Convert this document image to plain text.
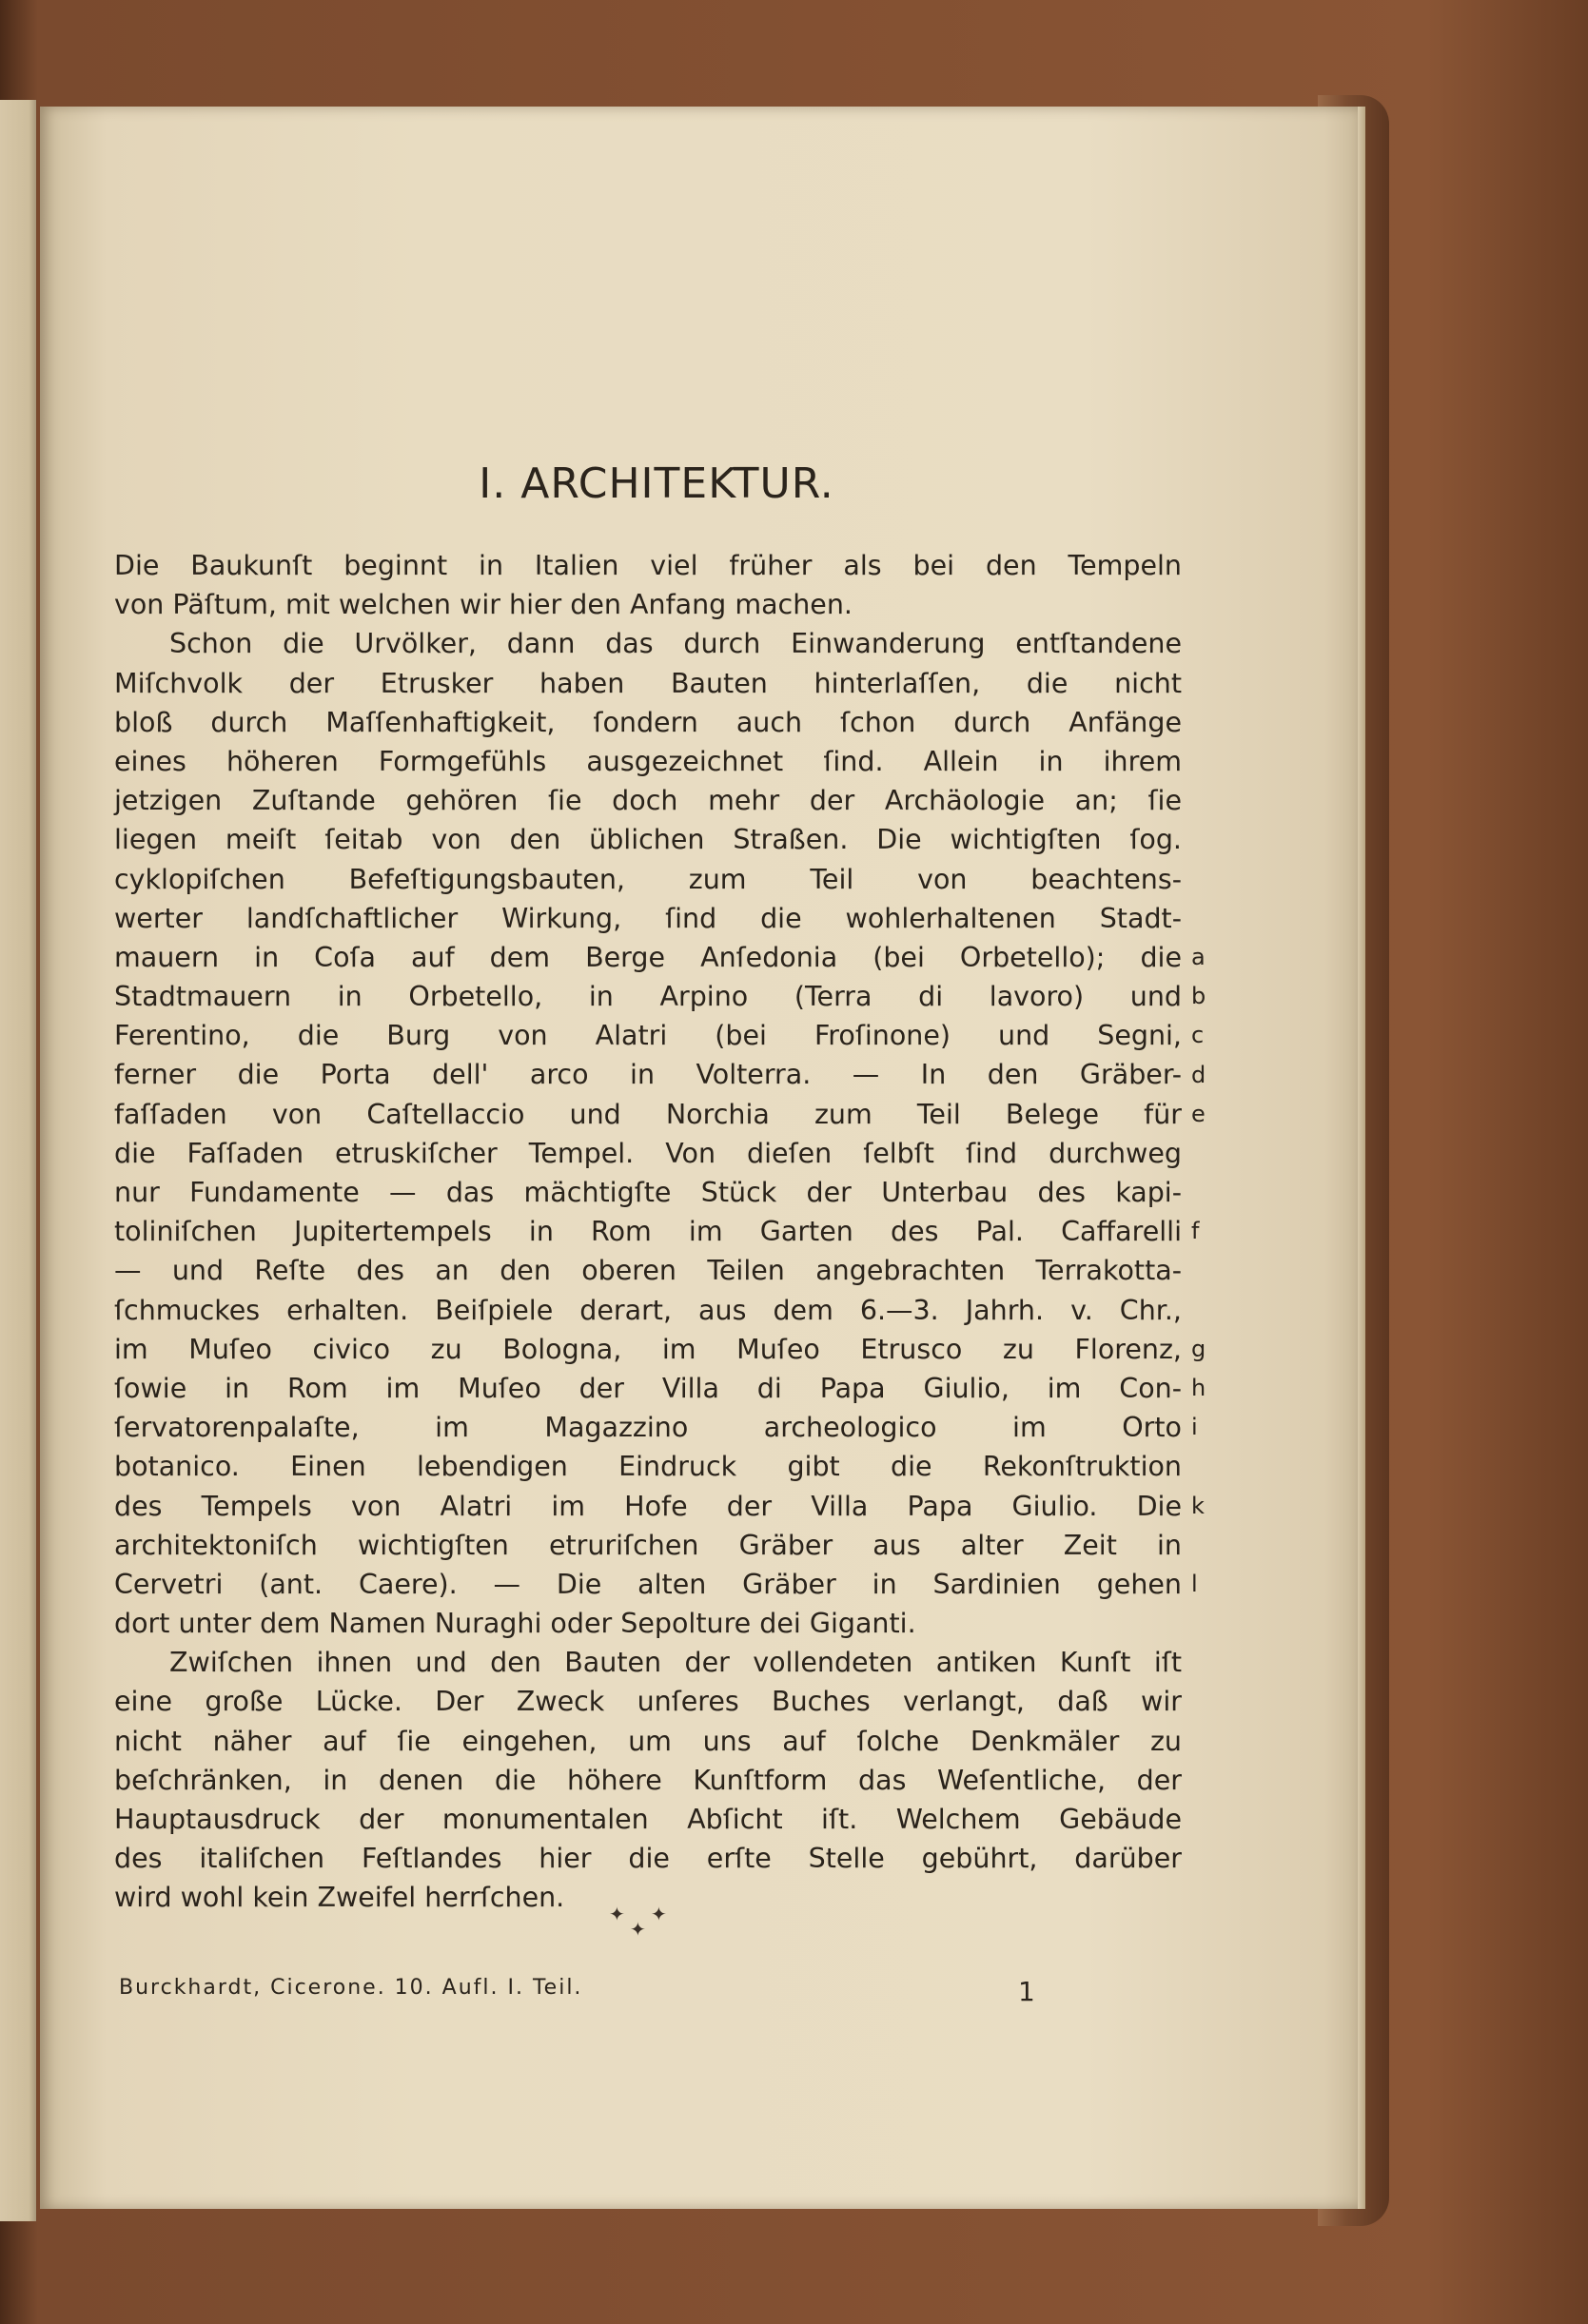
I. ARCHITEKTUR.
Die Baukunſt beginnt in Italien viel früher als bei den Tempeln
von Päſtum, mit welchen wir hier den Anfang machen.
Schon die Urvölker, dann das durch Einwanderung entſtandene
Miſchvolk der Etrusker haben Bauten hinterlaſſen, die nicht
bloß durch Maſſenhaftigkeit, ſondern auch ſchon durch Anfänge
eines höheren Formgefühls ausgezeichnet ſind. Allein in ihrem
jetzigen Zuſtande gehören ſie doch mehr der Archäologie an; ſie
liegen meiſt ſeitab von den üblichen Straßen. Die wichtigſten ſog.
cyklopiſchen Befeſtigungsbauten, zum Teil von beachtens-
werter landſchaftlicher Wirkung, ſind die wohlerhaltenen Stadt-
mauern in Coſa auf dem Berge Anſedonia (bei Orbetello); die
Stadtmauern in Orbetello, in Arpino (Terra di lavoro) und
Ferentino, die Burg von Alatri (bei Froſinone) und Segni,
ferner die Porta dell' arco in Volterra. — In den Gräber-
faſſaden von Caſtellaccio und Norchia zum Teil Belege für
die Faſſaden etruskiſcher Tempel. Von dieſen ſelbſt ſind durchweg
nur Fundamente — das mächtigſte Stück der Unterbau des kapi-
toliniſchen Jupitertempels in Rom im Garten des Pal. Caffarelli
— und Reſte des an den oberen Teilen angebrachten Terrakotta-
ſchmuckes erhalten. Beiſpiele derart, aus dem 6.—3. Jahrh. v. Chr.,
im Muſeo civico zu Bologna, im Muſeo Etrusco zu Florenz,
ſowie in Rom im Muſeo der Villa di Papa Giulio, im Con-
ſervatorenpalaſte, im Magazzino archeologico im Orto
botanico. Einen lebendigen Eindruck gibt die Rekonſtruktion
des Tempels von Alatri im Hofe der Villa Papa Giulio. Die
architektoniſch wichtigſten etruriſchen Gräber aus alter Zeit in
Cervetri (ant. Caere). — Die alten Gräber in Sardinien gehen
dort unter dem Namen Nuraghi oder Sepolture dei Giganti.
Zwiſchen ihnen und den Bauten der vollendeten antiken Kunſt iſt
eine große Lücke. Der Zweck unſeres Buches verlangt, daß wir
nicht näher auf ſie eingehen, um uns auf ſolche Denkmäler zu
beſchränken, in denen die höhere Kunſtform das Weſentliche, der
Hauptausdruck der monumentalen Abſicht iſt. Welchem Gebäude
des italiſchen Feſtlandes hier die erſte Stelle gebührt, darüber
wird wohl kein Zweifel herrſchen.
a
b
c
d
e
f
g
h
i
k
l
✦
✦
✦
Burckhardt, Cicerone. 10. Aufl. I. Teil.	1
